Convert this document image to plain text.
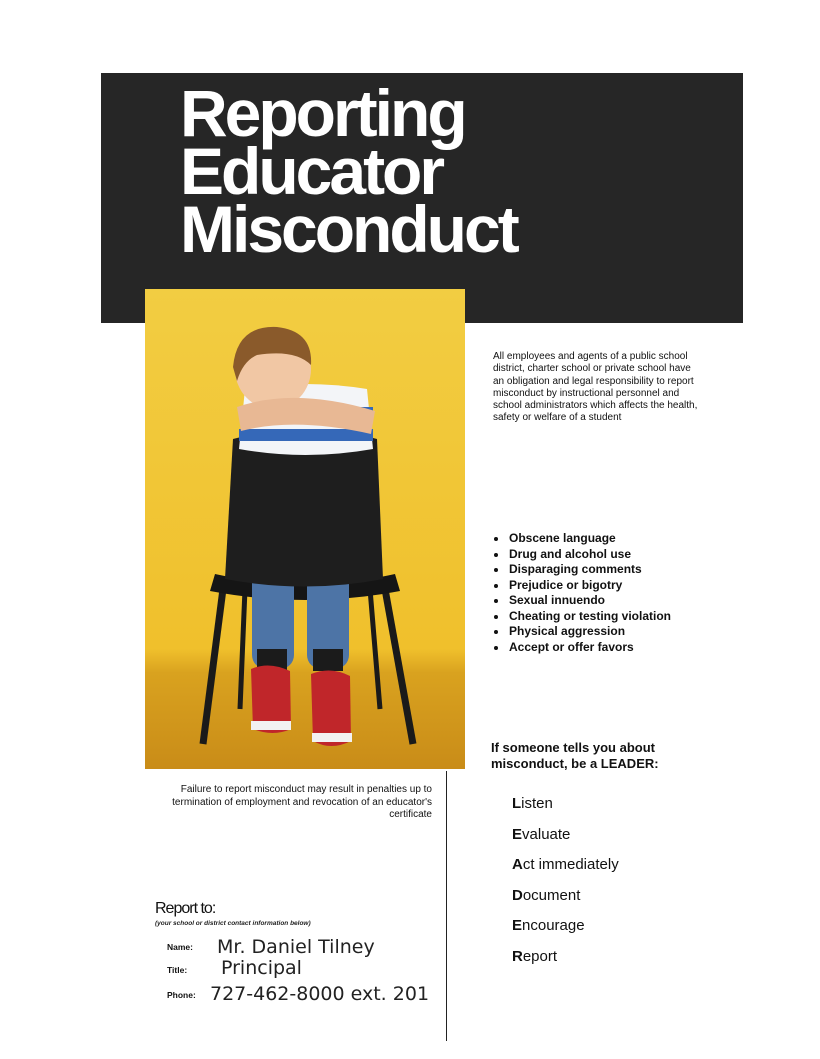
Reporting
Educator
Misconduct
All employees and agents of a public school district, charter school or private school have an obligation and legal responsibility to report misconduct by instructional personnel and school administrators which affects the health, safety or welfare of a student
Obscene language
Drug and alcohol use
Disparaging comments
Prejudice or bigotry
Sexual innuendo
Cheating or testing violation
Physical aggression
Accept or offer favors
If someone tells you about misconduct, be a LEADER:
Listen
Evaluate
Act immediately
Document
Encourage
Report
Failure to report misconduct may result in penalties up to termination of employment and revocation of an educator's certificate
Report to:
(your school or district contact information below)
Name: Mr. Daniel Tilney
Title: Principal
Phone: 727-462-8000 ext. 201
